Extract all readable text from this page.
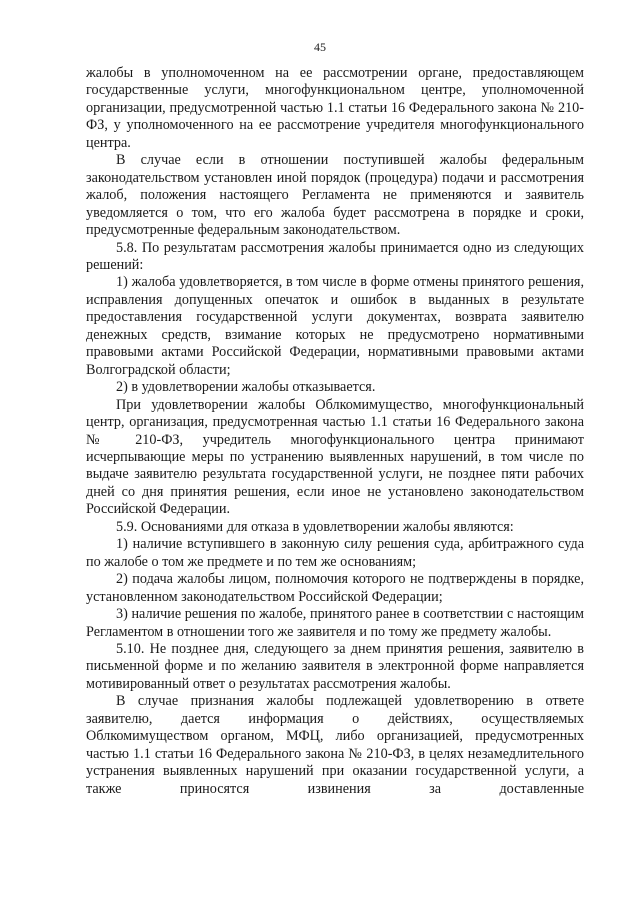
45

жалобы в уполномоченном на ее рассмотрении органе, предоставляющем государственные услуги, многофункциональном центре, уполномоченной организации, предусмотренной частью 1.1 статьи 16 Федерального закона № 210-ФЗ, у уполномоченного на ее рассмотрение учредителя многофункционального центра.

В случае если в отношении поступившей жалобы федеральным законодательством установлен иной порядок (процедура) подачи и рассмотрения жалоб, положения настоящего Регламента не применяются и заявитель уведомляется о том, что его жалоба будет рассмотрена в порядке и сроки, предусмотренные федеральным законодательством.

5.8. По результатам рассмотрения жалобы принимается одно из следующих решений:

1) жалоба удовлетворяется, в том числе в форме отмены принятого решения, исправления допущенных опечаток и ошибок в выданных в результате предоставления государственной услуги документах, возврата заявителю денежных средств, взимание которых не предусмотрено нормативными правовыми актами Российской Федерации, нормативными правовыми актами Волгоградской области;

2) в удовлетворении жалобы отказывается.

При удовлетворении жалобы Облкомимущество, многофункциональный центр, организация, предусмотренная частью 1.1 статьи 16 Федерального закона № 210-ФЗ, учредитель многофункционального центра принимают исчерпывающие меры по устранению выявленных нарушений, в том числе по выдаче заявителю результата государственной услуги, не позднее пяти рабочих дней со дня принятия решения, если иное не установлено законодательством Российской Федерации.

5.9. Основаниями для отказа в удовлетворении жалобы являются:

1) наличие вступившего в законную силу решения суда, арбитражного суда по жалобе о том же предмете и по тем же основаниям;

2) подача жалобы лицом, полномочия которого не подтверждены в порядке, установленном законодательством Российской Федерации;

3) наличие решения по жалобе, принятого ранее в соответствии с настоящим Регламентом в отношении того же заявителя и по тому же предмету жалобы.

5.10. Не позднее дня, следующего за днем принятия решения, заявителю в письменной форме и по желанию заявителя в электронной форме направляется мотивированный ответ о результатах рассмотрения жалобы.

В случае признания жалобы подлежащей удовлетворению в ответе заявителю, дается информация о действиях, осуществляемых Облкомимуществом органом, МФЦ, либо организацией, предусмотренных частью 1.1 статьи 16 Федерального закона № 210-ФЗ, в целях незамедлительного устранения выявленных нарушений при оказании государственной услуги, а также приносятся извинения за доставленные
